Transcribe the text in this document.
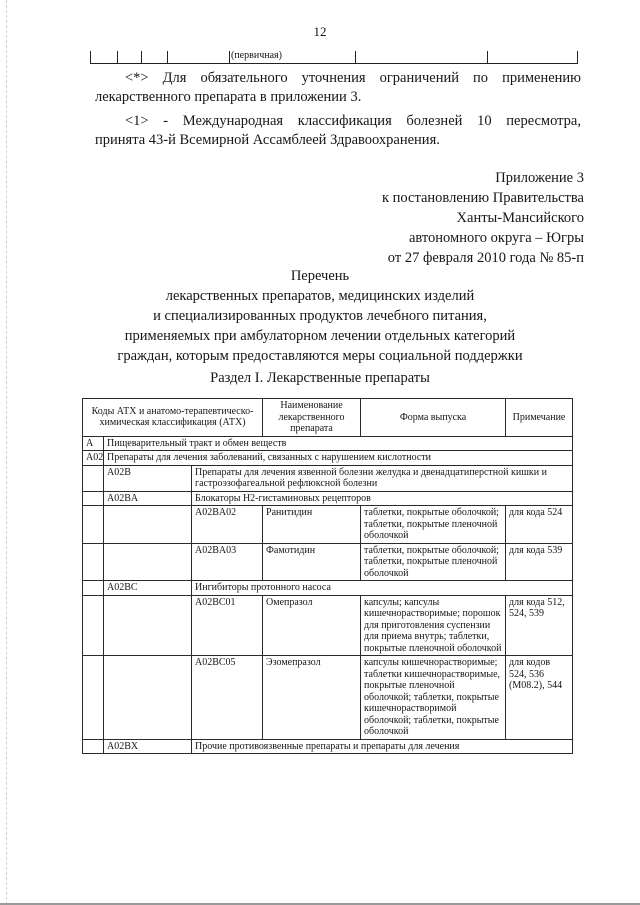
12
(первичная)
<*> Для обязательного уточнения ограничений по применению
лекарственного препарата в приложении 3.
<1> - Международная классификация болезней 10 пересмотра,
принята 43-й Всемирной Ассамблеей Здравоохранения.
Приложение 3
к постановлению Правительства
Ханты-Мансийского
автономного округа – Югры
от 27 февраля 2010 года № 85-п
Перечень
лекарственных препаратов, медицинских изделий
и специализированных продуктов лечебного питания,
применяемых при амбулаторном лечении отдельных категорий
граждан, которым предоставляются меры социальной поддержки
Раздел I. Лекарственные препараты
Коды АТХ и анатомо-терапевтическо-химическая классификация (АТХ)			Наименование лекарственного препарата	Форма выпуска	Примечание
A	Пищеварительный тракт и обмен веществ				
A02	Препараты для лечения заболеваний, связанных с нарушением кислотности				
	A02B	Препараты для лечения язвенной болезни желудка и двенадцатиперстной кишки и гастроэзофагеальной рефлюксной болезни			
	A02BA	Блокаторы H2-гистаминовых рецепторов			
		A02BA02	Ранитидин	таблетки, покрытые оболочкой; таблетки, покрытые пленочной оболочкой	для кода 524
		A02BA03	Фамотидин	таблетки, покрытые оболочкой; таблетки, покрытые пленочной оболочкой	для кода 539
	A02BC	Ингибиторы протонного насоса			
		A02BC01	Омепразол	капсулы; капсулы кишечнорастворимые; порошок для приготовления суспензии для приема внутрь; таблетки, покрытые пленочной оболочкой	для кода 512, 524, 539
		A02BC05	Эзомепразол	капсулы кишечнорастворимые; таблетки кишечнорастворимые, покрытые пленочной оболочкой; таблетки, покрытые кишечнорастворимой оболочкой; таблетки, покрытые оболочкой	для кодов 524, 536 (M08.2), 544
	A02BX	Прочие противоязвенные препараты и препараты для лечения			
